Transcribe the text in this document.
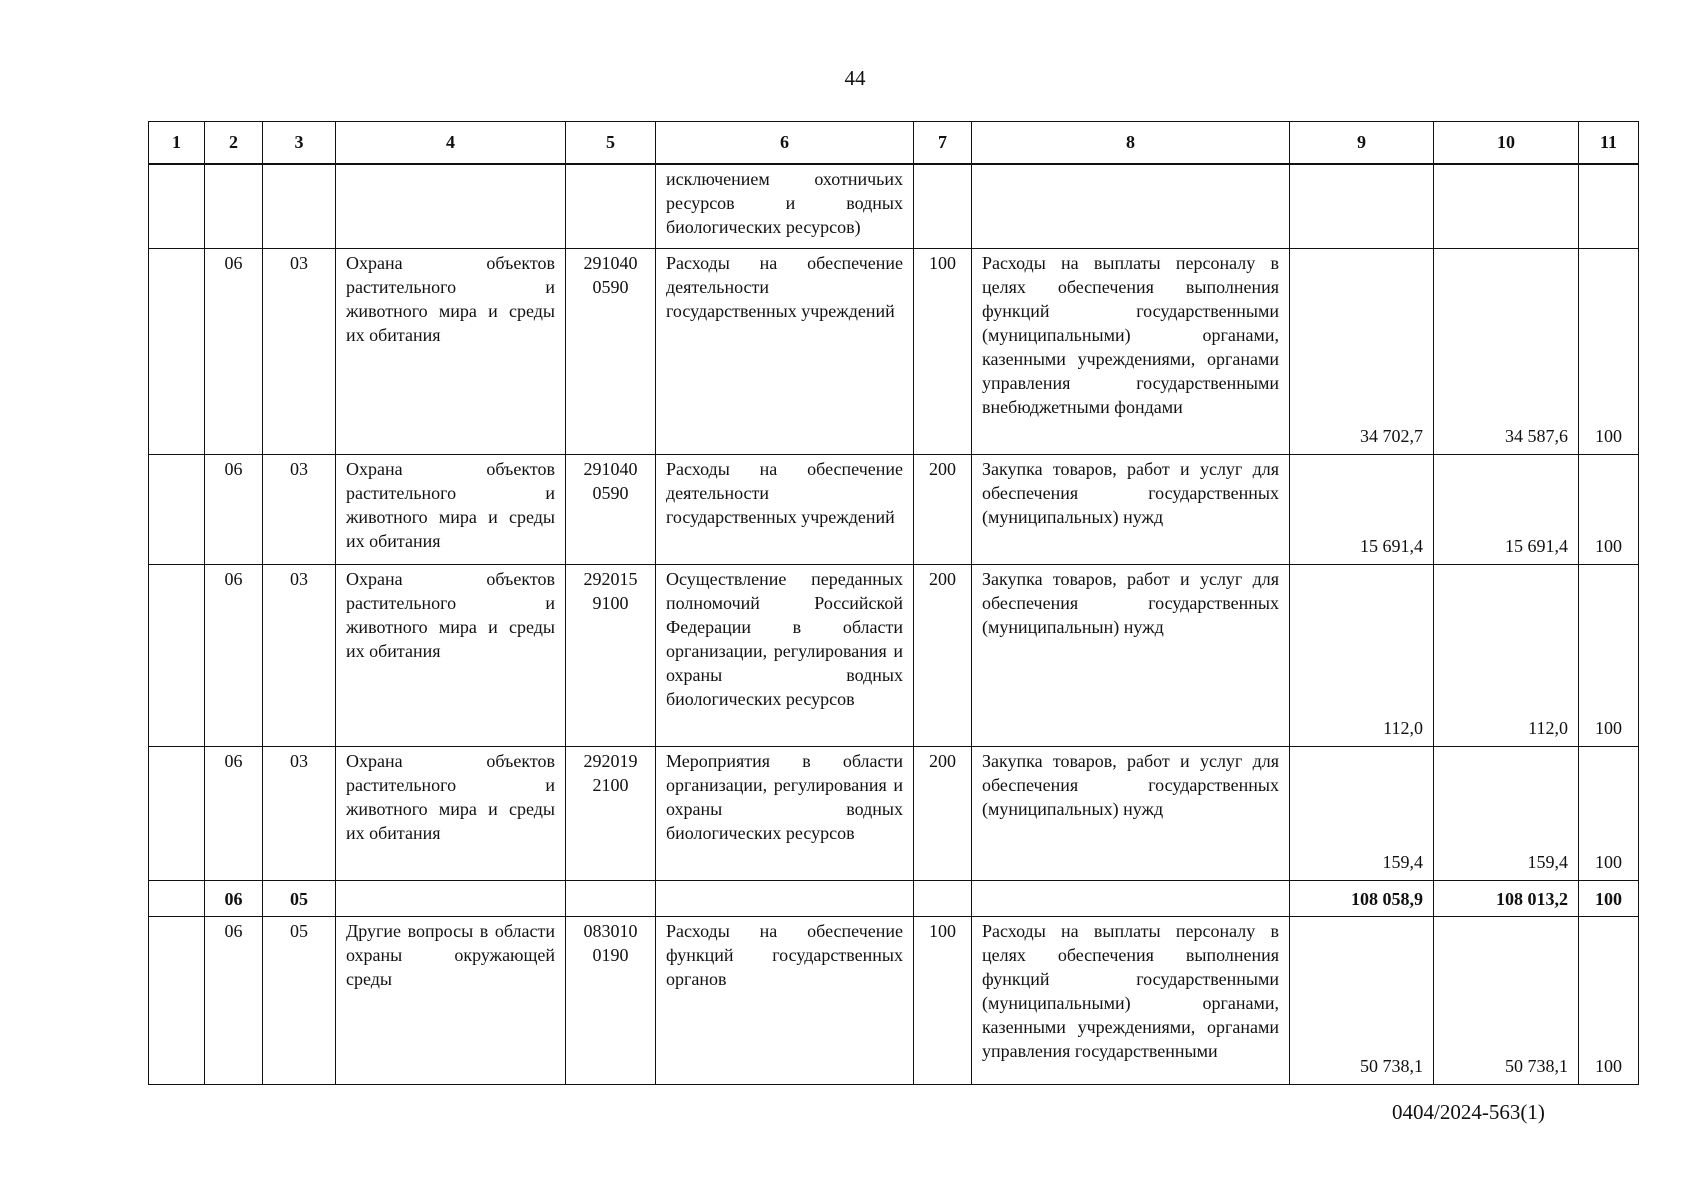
44
1	2	3	4	5	6	7	8	9	10	11
					исключением охотничьих ресурсов и водных биологических ресурсов)					
	06	03	Охрана объектов растительного и животного мира и среды их обитания	291040 0590	Расходы на обеспечение деятельности государственных учреждений	100	Расходы на выплаты персоналу в целях обеспечения выполнения функций государственными (муниципальными) органами, казенными учреждениями, органами управления государственными внебюджетными фондами	34 702,7	34 587,6	100
	06	03	Охрана объектов растительного и животного мира и среды их обитания	291040 0590	Расходы на обеспечение деятельности государственных учреждений	200	Закупка товаров, работ и услуг для обеспечения государственных (муниципальных) нужд	15 691,4	15 691,4	100
	06	03	Охрана объектов растительного и животного мира и среды их обитания	292015 9100	Осуществление переданных полномочий Российской Федерации в области организации, регулирования и охраны водных биологических ресурсов	200	Закупка товаров, работ и услуг для обеспечения государственных (муниципальнын) нужд	112,0	112,0	100
	06	03	Охрана объектов растительного и животного мира и среды их обитания	292019 2100	Мероприятия в области организации, регулирования и охраны водных биологических ресурсов	200	Закупка товаров, работ и услуг для обеспечения государственных (муниципальных) нужд	159,4	159,4	100
	06	05						108 058,9	108 013,2	100
	06	05	Другие вопросы в области охраны окружающей среды	083010 0190	Расходы на обеспечение функций государственных органов	100	Расходы на выплаты персоналу в целях обеспечения выполнения функций государственными (муниципальными) органами, казенными учреждениями, органами управления государственными	50 738,1	50 738,1	100
0404/2024-563(1)
